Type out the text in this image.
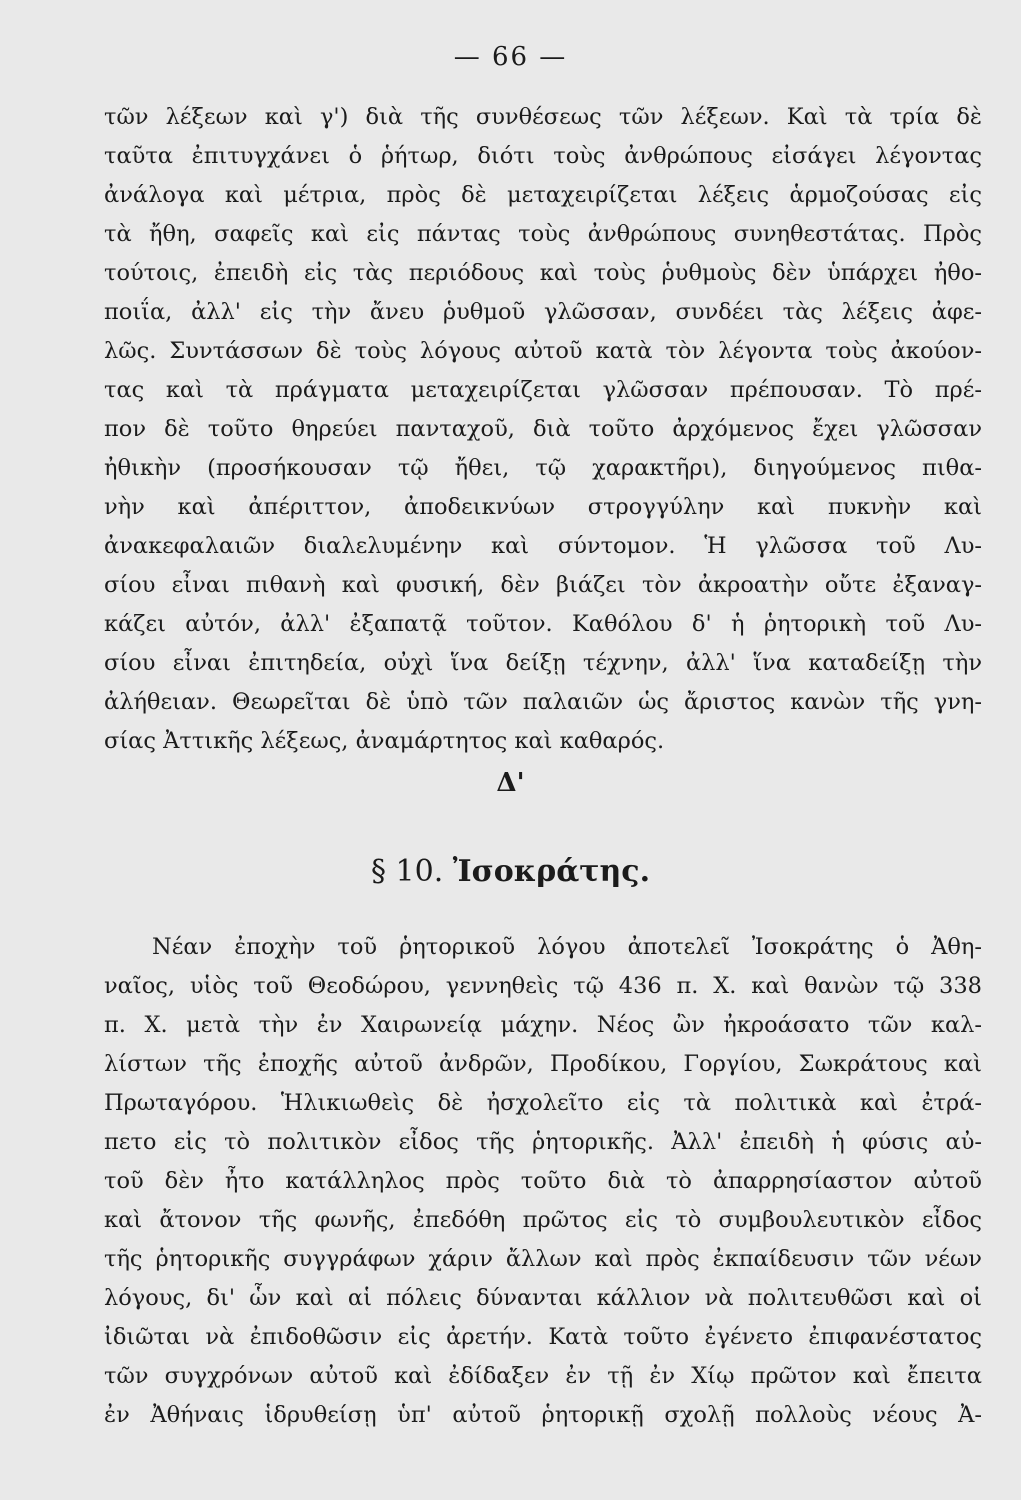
— 66 —
τῶν λέξεων καὶ γ') διὰ τῆς συνθέσεως τῶν λέξεων. Καὶ τὰ τρία δὲ
ταῦτα ἐπιτυγχάνει ὁ ῥήτωρ, διότι τοὺς ἀνθρώπους εἰσάγει λέγοντας
ἀνάλογα καὶ μέτρια, πρὸς δὲ μεταχειρίζεται λέξεις ἁρμοζούσας εἰς
τὰ ἤθη, σαφεῖς καὶ εἰς πάντας τοὺς ἀνθρώπους συνηθεστάτας. Πρὸς
τούτοις, ἐπειδὴ εἰς τὰς περιόδους καὶ τοὺς ῥυθμοὺς δὲν ὑπάρχει ἠθο-
ποιΐα, ἀλλ' εἰς τὴν ἄνευ ῥυθμοῦ γλῶσσαν, συνδέει τὰς λέξεις ἀφε-
λῶς. Συντάσσων δὲ τοὺς λόγους αὐτοῦ κατὰ τὸν λέγοντα τοὺς ἀκούον-
τας καὶ τὰ πράγματα μεταχειρίζεται γλῶσσαν πρέπουσαν. Τὸ πρέ-
πον δὲ τοῦτο θηρεύει πανταχοῦ, διὰ τοῦτο ἀρχόμενος ἔχει γλῶσσαν
ἠθικὴν (προσήκουσαν τῷ ἤθει, τῷ χαρακτῆρι), διηγούμενος πιθα-
νὴν καὶ ἀπέριττον, ἀποδεικνύων στρογγύλην καὶ πυκνὴν καὶ
ἀνακεφαλαιῶν διαλελυμένην καὶ σύντομον. Ἡ γλῶσσα τοῦ Λυ-
σίου εἶναι πιθανὴ καὶ φυσική, δὲν βιάζει τὸν ἀκροατὴν οὔτε ἐξαναγ-
κάζει αὐτόν, ἀλλ' ἐξαπατᾷ τοῦτον. Καθόλου δ' ἡ ῥητορικὴ τοῦ Λυ-
σίου εἶναι ἐπιτηδεία, οὐχὶ ἵνα δείξῃ τέχνην, ἀλλ' ἵνα καταδείξῃ τὴν
ἀλήθειαν. Θεωρεῖται δὲ ὑπὸ τῶν παλαιῶν ὡς ἄριστος κανὼν τῆς γνη-
σίας Ἀττικῆς λέξεως, ἀναμάρτητος καὶ καθαρός.
Δ'
§ 10. Ἰσοκράτης.
Νέαν ἐποχὴν τοῦ ῥητορικοῦ λόγου ἀποτελεῖ Ἰσοκράτης ὁ Ἀθη-
ναῖος, υἱὸς τοῦ Θεοδώρου, γεννηθεὶς τῷ 436 π. Χ. καὶ θανὼν τῷ 338
π. Χ. μετὰ τὴν ἐν Χαιρωνείᾳ μάχην. Νέος ὢν ἠκροάσατο τῶν καλ-
λίστων τῆς ἐποχῆς αὐτοῦ ἀνδρῶν, Προδίκου, Γοργίου, Σωκράτους καὶ
Πρωταγόρου. Ἡλικιωθεὶς δὲ ἠσχολεῖτο εἰς τὰ πολιτικὰ καὶ ἐτρά-
πετο εἰς τὸ πολιτικὸν εἶδος τῆς ῥητορικῆς. Ἀλλ' ἐπειδὴ ἡ φύσις αὐ-
τοῦ δὲν ἦτο κατάλληλος πρὸς τοῦτο διὰ τὸ ἀπαρρησίαστον αὐτοῦ
καὶ ἄτονον τῆς φωνῆς, ἐπεδόθη πρῶτος εἰς τὸ συμβουλευτικὸν εἶδος
τῆς ῥητορικῆς συγγράφων χάριν ἄλλων καὶ πρὸς ἐκπαίδευσιν τῶν νέων
λόγους, δι' ὧν καὶ αἱ πόλεις δύνανται κάλλιον νὰ πολιτευθῶσι καὶ οἱ
ἰδιῶται νὰ ἐπιδοθῶσιν εἰς ἀρετήν. Κατὰ τοῦτο ἐγένετο ἐπιφανέστατος
τῶν συγχρόνων αὐτοῦ καὶ ἐδίδαξεν ἐν τῇ ἐν Χίῳ πρῶτον καὶ ἔπειτα
ἐν Ἀθήναις ἱδρυθείσῃ ὑπ' αὐτοῦ ῥητορικῇ σχολῇ πολλοὺς νέους Ἀ-
